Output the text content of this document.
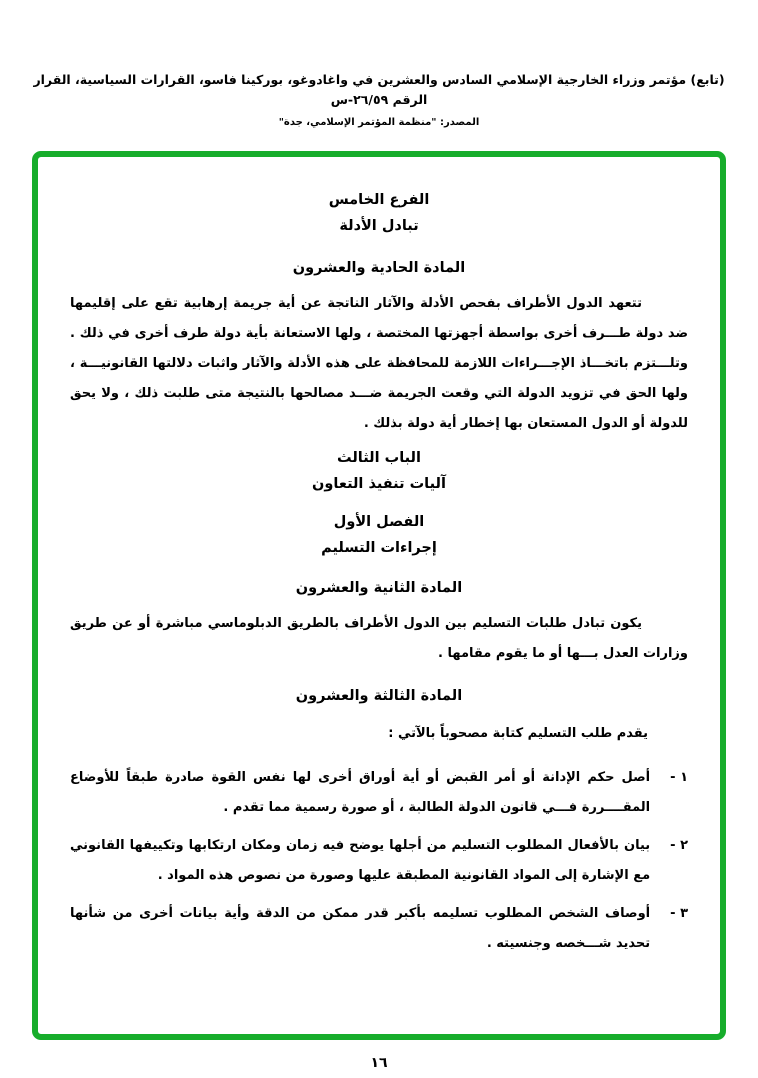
(تابع) مؤتمر وزراء الخارجية الإسلامي السادس والعشرين في واغادوغو، بوركينا فاسو، القرارات السياسية، القرار الرقم ٢٦/٥٩-س
المصدر: "منظمة المؤتمر الإسلامي، جدة"
الفرع الخامس
تبادل الأدلة
المادة الحادية والعشرون
تتعهد الدول الأطراف بفحص الأدلة والآثار الناتجة عن أية جريمة إرهابية تقع على إقليمها ضد دولة طـــرف أخرى بواسطة أجهزتها المختصة ، ولها الاستعانة بأية دولة طرف أخرى في ذلك . وتلـــتزم باتخـــاذ الإجـــراءات اللازمة للمحافظة على هذه الأدلة والآثار واثبات دلالتها القانونيـــة ، ولها الحق في تزويد الدولة التي وقعت الجريمة ضـــد مصالحها بالنتيجة متى طلبت ذلك ، ولا يحق للدولة أو الدول المستعان بها إخطار أية دولة بذلك .
الباب الثالث
آليات تنفيذ التعاون
الفصل الأول
إجراءات التسليم
المادة الثانية والعشرون
يكون تبادل طلبات التسليم بين الدول الأطراف بالطريق الدبلوماسي مباشرة أو عن طريق وزارات العدل بـــها أو ما يقوم مقامها .
المادة الثالثة والعشرون
يقدم طلب التسليم كتابة مصحوباً بالآتي :
١ -
أصل حكم الإدانة أو أمر القبض أو أية أوراق أخرى لها نفس القوة صادرة طبقاً للأوضاع المقــــررة فـــي قانون الدولة الطالبة ، أو صورة رسمية مما تقدم .
٢ -
بيان بالأفعال المطلوب التسليم من أجلها يوضح فيه زمان ومكان ارتكابها وتكييفها القانوني مع الإشارة إلى المواد القانونية المطبقة عليها وصورة من نصوص هذه المواد .
٣ -
أوصاف الشخص المطلوب تسليمه بأكبر قدر ممكن من الدقة وأية بيانات أخرى من شأنها تحديد شـــخصه وجنسيته .
١٦
